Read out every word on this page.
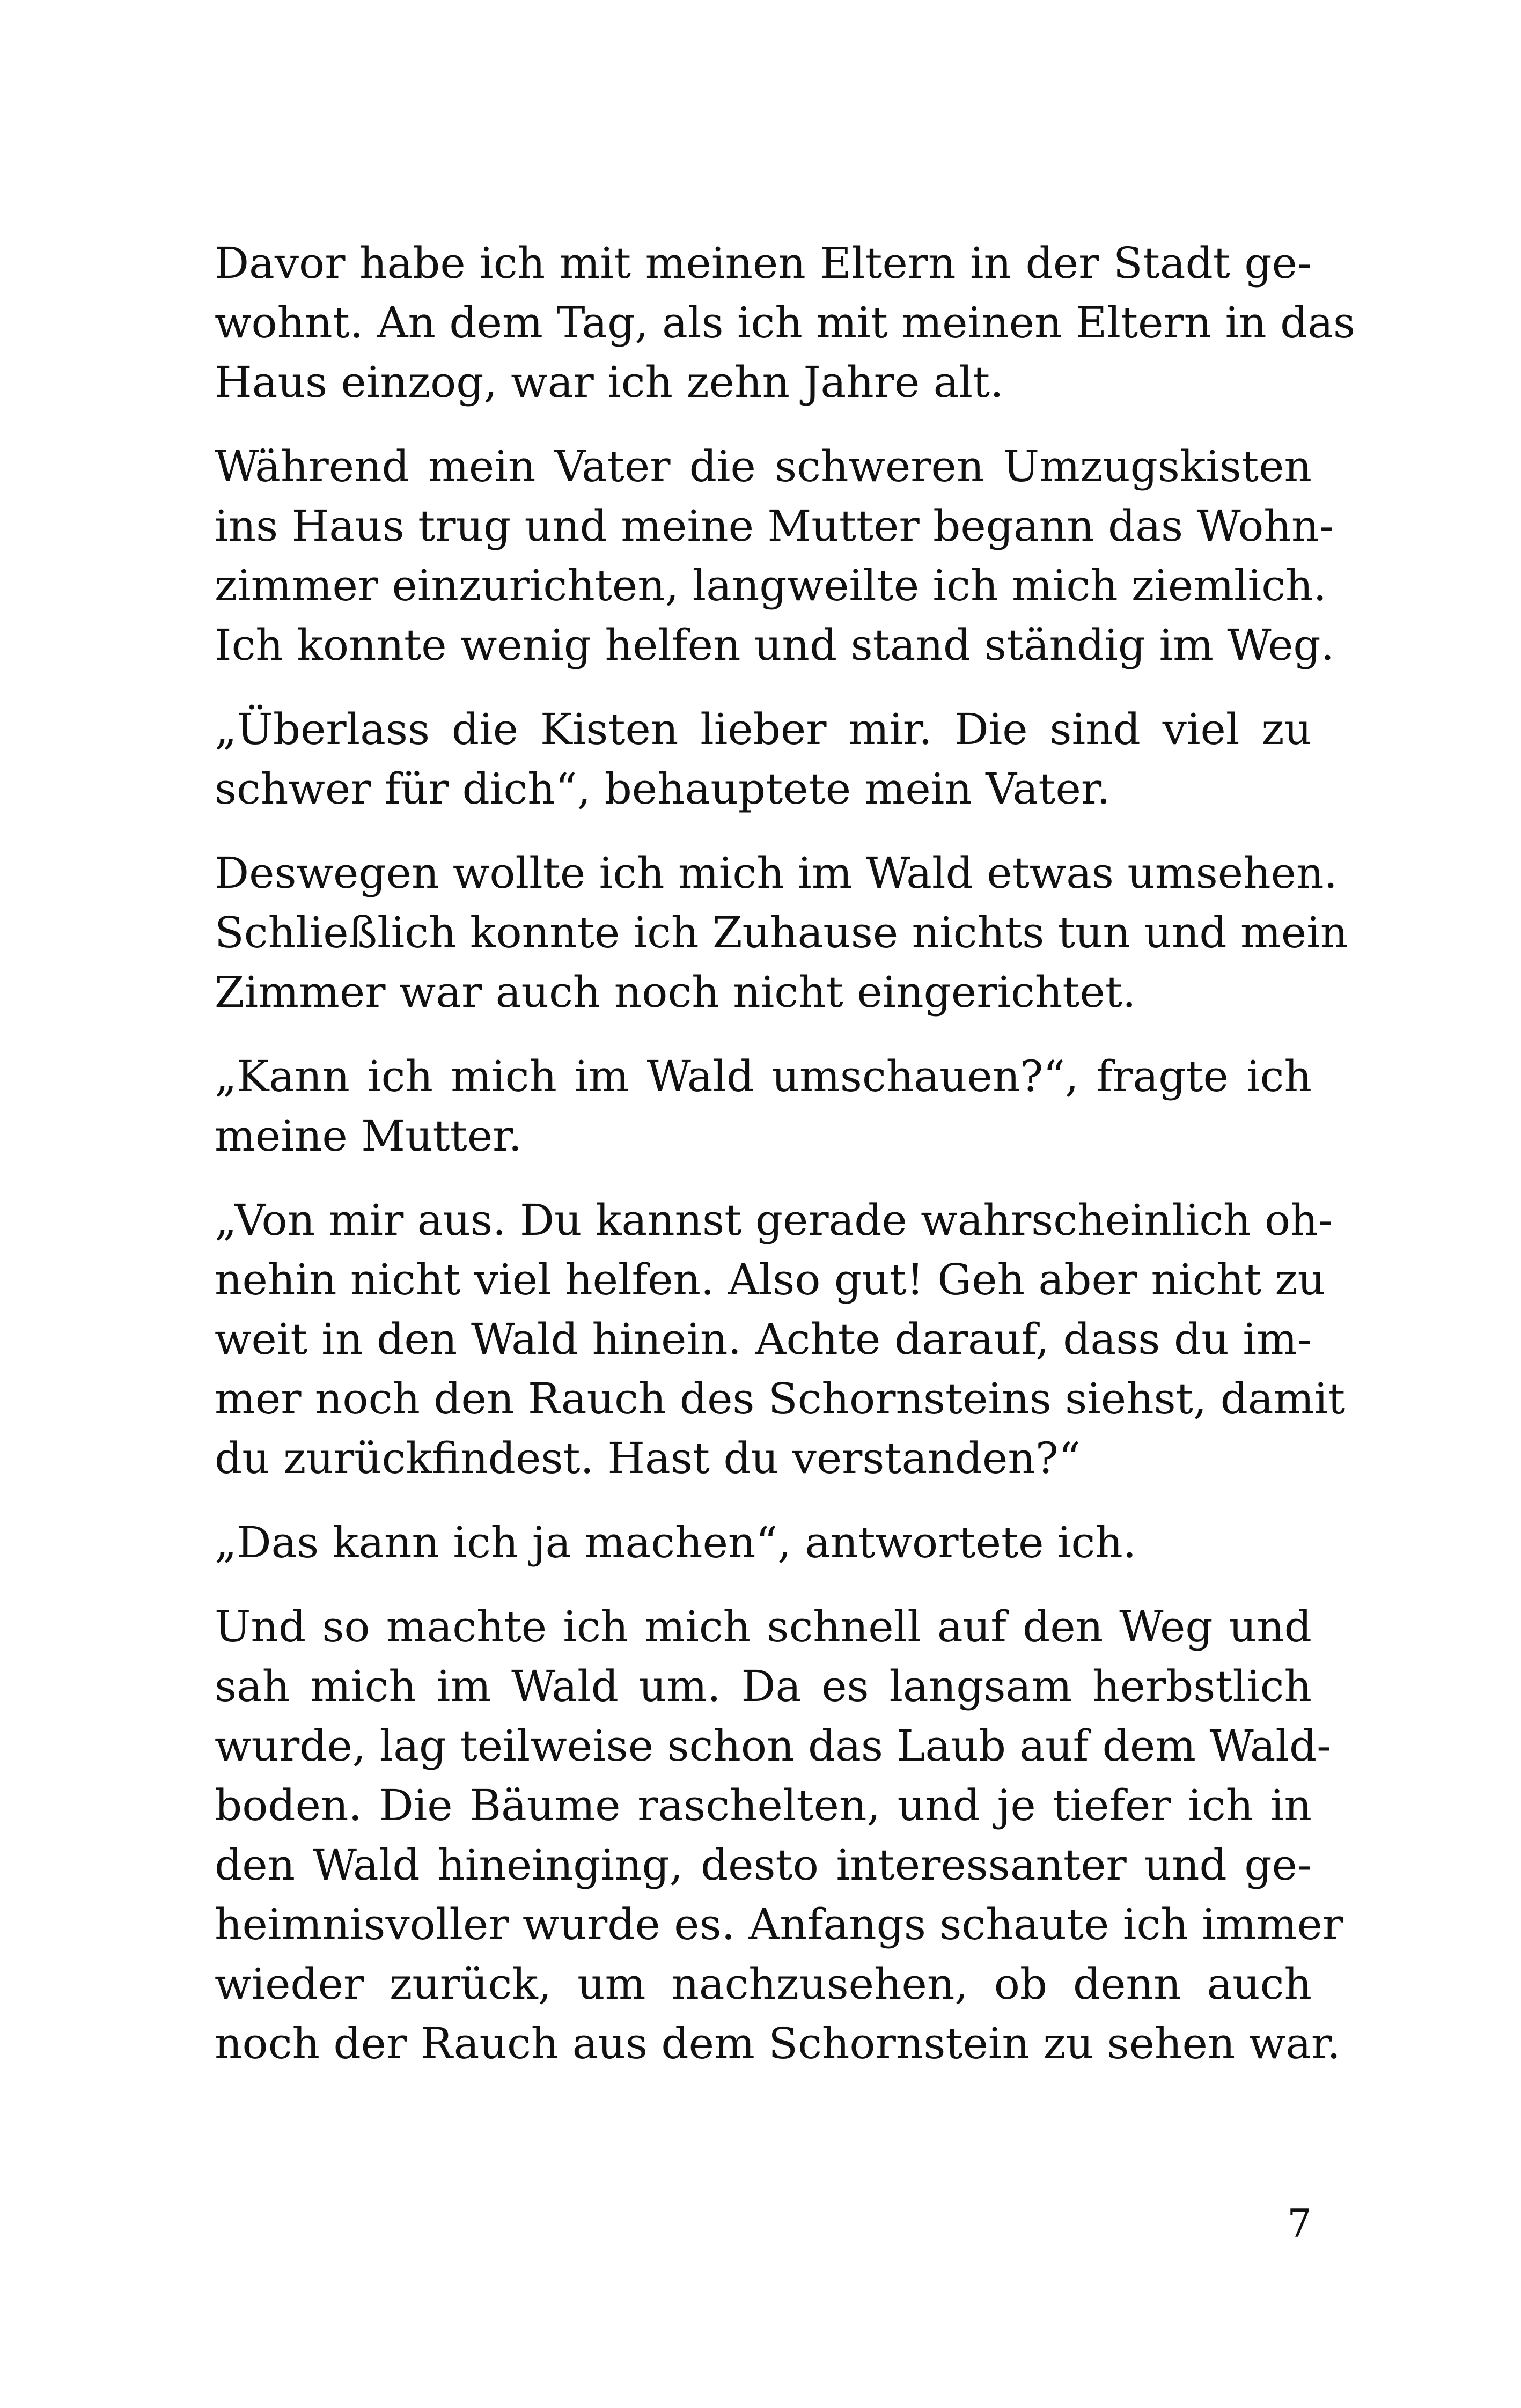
Davor habe ich mit meinen Eltern in der Stadt ge-
wohnt. An dem Tag, als ich mit meinen Eltern in das
Haus einzog, war ich zehn Jahre alt.

Während mein Vater die schweren Umzugskisten
ins Haus trug und meine Mutter begann das Wohn-
zimmer einzurichten, langweilte ich mich ziemlich.
Ich konnte wenig helfen und stand ständig im Weg.

„Überlass die Kisten lieber mir. Die sind viel zu
schwer für dich“, behauptete mein Vater.

Deswegen wollte ich mich im Wald etwas umsehen.
Schließlich konnte ich Zuhause nichts tun und mein
Zimmer war auch noch nicht eingerichtet.

„Kann ich mich im Wald umschauen?“, fragte ich
meine Mutter.

„Von mir aus. Du kannst gerade wahrscheinlich oh-
nehin nicht viel helfen. Also gut! Geh aber nicht zu
weit in den Wald hinein. Achte darauf, dass du im-
mer noch den Rauch des Schornsteins siehst, damit
du zurückfindest. Hast du verstanden?“

„Das kann ich ja machen“, antwortete ich.

Und so machte ich mich schnell auf den Weg und
sah mich im Wald um. Da es langsam herbstlich
wurde, lag teilweise schon das Laub auf dem Wald-
boden. Die Bäume raschelten, und je tiefer ich in
den Wald hineinging, desto interessanter und ge-
heimnisvoller wurde es. Anfangs schaute ich immer
wieder zurück, um nachzusehen, ob denn auch
noch der Rauch aus dem Schornstein zu sehen war.

7
